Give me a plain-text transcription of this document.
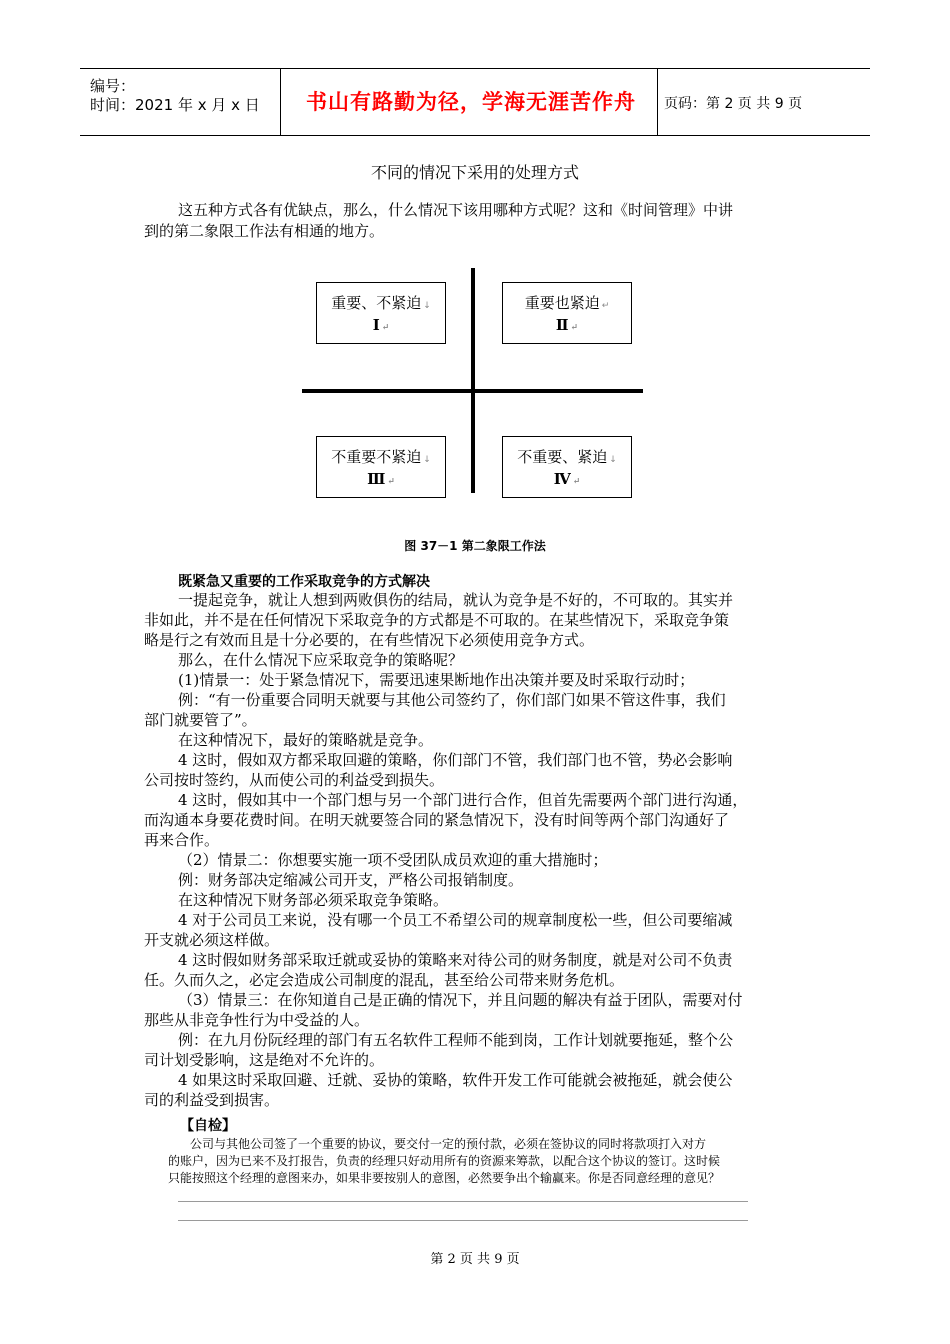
编号：
时间：2021 年 x 月 x 日	书山有路勤为径，学海无涯苦作舟	页码：第 2 页 共 9 页
不同的情况下采用的处理方式
这五种方式各有优缺点，那么，什么情况下该用哪种方式呢？这和《时间管理》中讲
到的第二象限工作法有相通的地方。
重要、不紧迫 ↓
Ⅰ ↵
重要也紧迫 ↵
Ⅱ ↵
不重要不紧迫 ↓
Ⅲ ↵
不重要、紧迫 ↓
Ⅳ ↵
图 37－1 第二象限工作法
既紧急又重要的工作采取竞争的方式解决
一提起竞争，就让人想到两败俱伤的结局，就认为竞争是不好的，不可取的。其实并
非如此，并不是在任何情况下采取竞争的方式都是不可取的。在某些情况下，采取竞争策
略是行之有效而且是十分必要的，在有些情况下必须使用竞争方式。
那么，在什么情况下应采取竞争的策略呢？
(1)情景一：处于紧急情况下，需要迅速果断地作出决策并要及时采取行动时；
例：“有一份重要合同明天就要与其他公司签约了，你们部门如果不管这件事，我们
部门就要管了”。
在这种情况下，最好的策略就是竞争。
4 这时，假如双方都采取回避的策略，你们部门不管，我们部门也不管，势必会影响
公司按时签约，从而使公司的利益受到损失。
4 这时，假如其中一个部门想与另一个部门进行合作，但首先需要两个部门进行沟通，
而沟通本身要花费时间。在明天就要签合同的紧急情况下，没有时间等两个部门沟通好了
再来合作。
（2）情景二：你想要实施一项不受团队成员欢迎的重大措施时；
例：财务部决定缩减公司开支，严格公司报销制度。
在这种情况下财务部必须采取竞争策略。
4 对于公司员工来说，没有哪一个员工不希望公司的规章制度松一些，但公司要缩减
开支就必须这样做。
4 这时假如财务部采取迁就或妥协的策略来对待公司的财务制度，就是对公司不负责
任。久而久之，必定会造成公司制度的混乱，甚至给公司带来财务危机。
（3）情景三：在你知道自己是正确的情况下，并且问题的解决有益于团队，需要对付
那些从非竞争性行为中受益的人。
例：在九月份阮经理的部门有五名软件工程师不能到岗，工作计划就要拖延，整个公
司计划受影响，这是绝对不允许的。
4 如果这时采取回避、迁就、妥协的策略，软件开发工作可能就会被拖延，就会使公
司的利益受到损害。
【自检】
公司与其他公司签了一个重要的协议，要交付一定的预付款，必须在签协议的同时将款项打入对方
的账户，因为已来不及打报告，负责的经理只好动用所有的资源来筹款，以配合这个协议的签订。这时候
只能按照这个经理的意图来办，如果非要按别人的意图，必然要争出个输赢来。你是否同意经理的意见？
第 2 页 共 9 页
